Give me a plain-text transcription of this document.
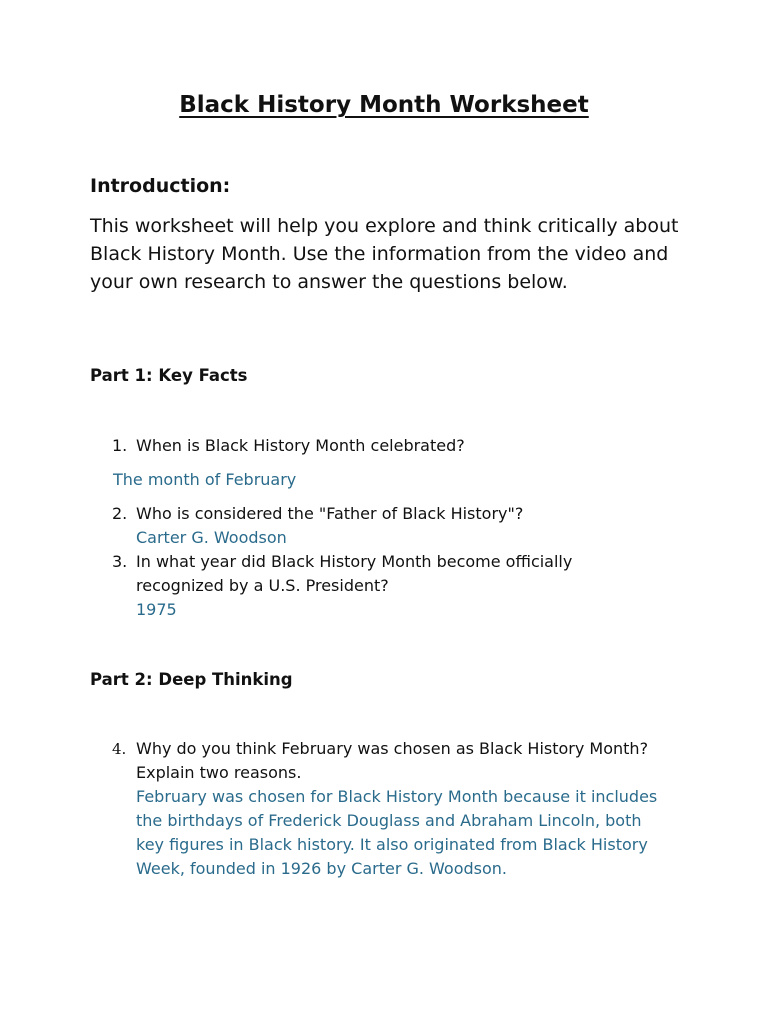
Black History Month Worksheet
Introduction:
This worksheet will help you explore and think critically about Black History Month. Use the information from the video and your own research to answer the questions below.
Part 1: Key Facts
1. When is Black History Month celebrated?
The month of February
2. Who is considered the "Father of Black History"?
Carter G. Woodson
3. In what year did Black History Month become officially recognized by a U.S. President?
1975
Part 2: Deep Thinking
4. Why do you think February was chosen as Black History Month? Explain two reasons.
February was chosen for Black History Month because it includes the birthdays of Frederick Douglass and Abraham Lincoln, both key figures in Black history. It also originated from Black History Week, founded in 1926 by Carter G. Woodson.
